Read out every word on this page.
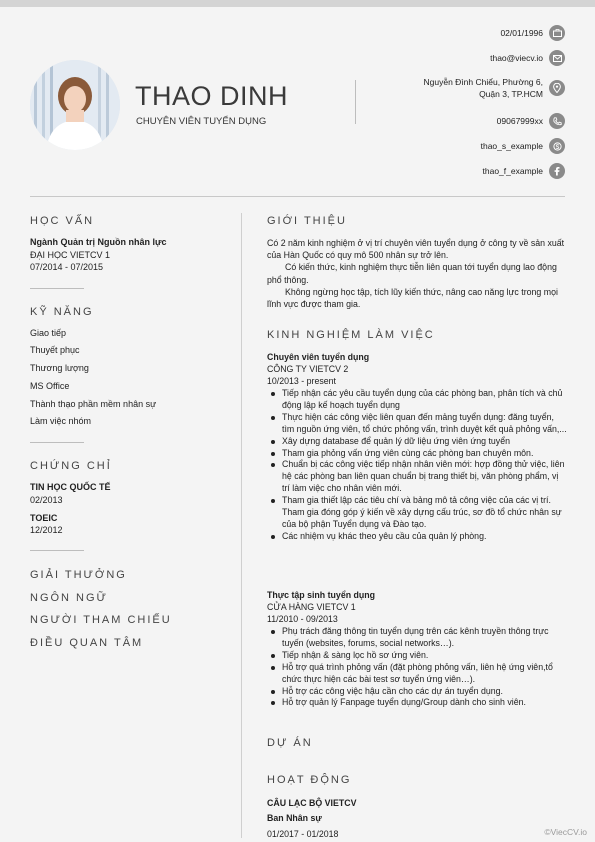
THAO DINH
CHUYÊN VIÊN TUYỂN DỤNG
02/01/1996
thao@viecv.io
Nguyễn Đình Chiểu, Phường 6,
Quận 3, TP.HCM
09067999xx
thao_s_example
thao_f_example
HỌC VẤN
Ngành Quản trị Nguồn nhân lực
ĐẠI HỌC VIETCV 1
07/2014 - 07/2015
KỸ NĂNG
Giao tiếp
Thuyết phục
Thương lượng
MS Office
Thành thạo phần mềm nhân sự
Làm việc nhóm
CHỨNG CHỈ
TIN HỌC QUỐC TẾ
02/2013
TOEIC
12/2012
GIẢI THƯỞNG
NGÔN NGỮ
NGƯỜI THAM CHIẾU
ĐIỀU QUAN TÂM
GIỚI THIỆU

Có 2 năm kinh nghiệm ở vị trí chuyên viên tuyển dụng ở công ty về sản xuất của Hàn Quốc có quy mô 500 nhân sự trở lên.

Có kiến thức, kinh nghiệm thực tiễn liên quan tới tuyển dụng lao động phổ thông.

Không ngừng học tập, tích lũy kiến thức, nâng cao năng lực trong mọi lĩnh vực được tham gia.

KINH NGHIỆM LÀM VIỆC
Chuyên viên tuyển dụng
CÔNG TY VIETCV 2
10/2013 - present
Tiếp nhận các yêu cầu tuyển dụng của các phòng ban, phân tích và chủ động lập kế hoạch tuyển dụng
Thực hiện các công việc liên quan đến mảng tuyển dụng: đăng tuyển, tìm nguồn ứng viên, tổ chức phỏng vấn, trình duyệt kết quả phỏng vấn,...
Xây dựng database để quản lý dữ liệu ứng viên ứng tuyển
Tham gia phỏng vấn ứng viên cùng các phòng ban chuyên môn.
Chuẩn bị các công việc tiếp nhận nhân viên mới: hợp đồng thử việc, liên hệ các phòng ban liên quan chuẩn bị trang thiết bị, văn phòng phẩm, vị trí làm việc cho nhân viên mới.
Tham gia thiết lập các tiêu chí và bảng mô tả công việc của các vị trí. Tham gia đóng góp ý kiến về xây dựng cấu trúc, sơ đồ tổ chức nhân sự của bộ phận Tuyển dụng và Đào tạo.
Các nhiệm vụ khác theo yêu cầu của quản lý phòng.
Thực tập sinh tuyển dụng
CỬA HÀNG VIETCV 1
11/2010 - 09/2013
Phụ trách đăng thông tin tuyển dụng trên các kênh truyền thông trực tuyến (websites, forums, social networks…).
Tiếp nhận & sàng lọc hồ sơ ứng viên.
Hỗ trợ quá trình phỏng vấn (đặt phòng phỏng vấn, liên hệ ứng viên,tổ chức thực hiện các bài test sơ tuyển ứng viên…).
Hỗ trợ các công việc hậu cần cho các dự án tuyển dụng.
Hỗ trợ quản lý Fanpage tuyển dụng/Group dành cho sinh viên.
DỰ ÁN
HOẠT ĐỘNG
CÂU LẠC BỘ VIETCV
Ban Nhân sự
01/2017 - 01/2018	©ViecCV.io
